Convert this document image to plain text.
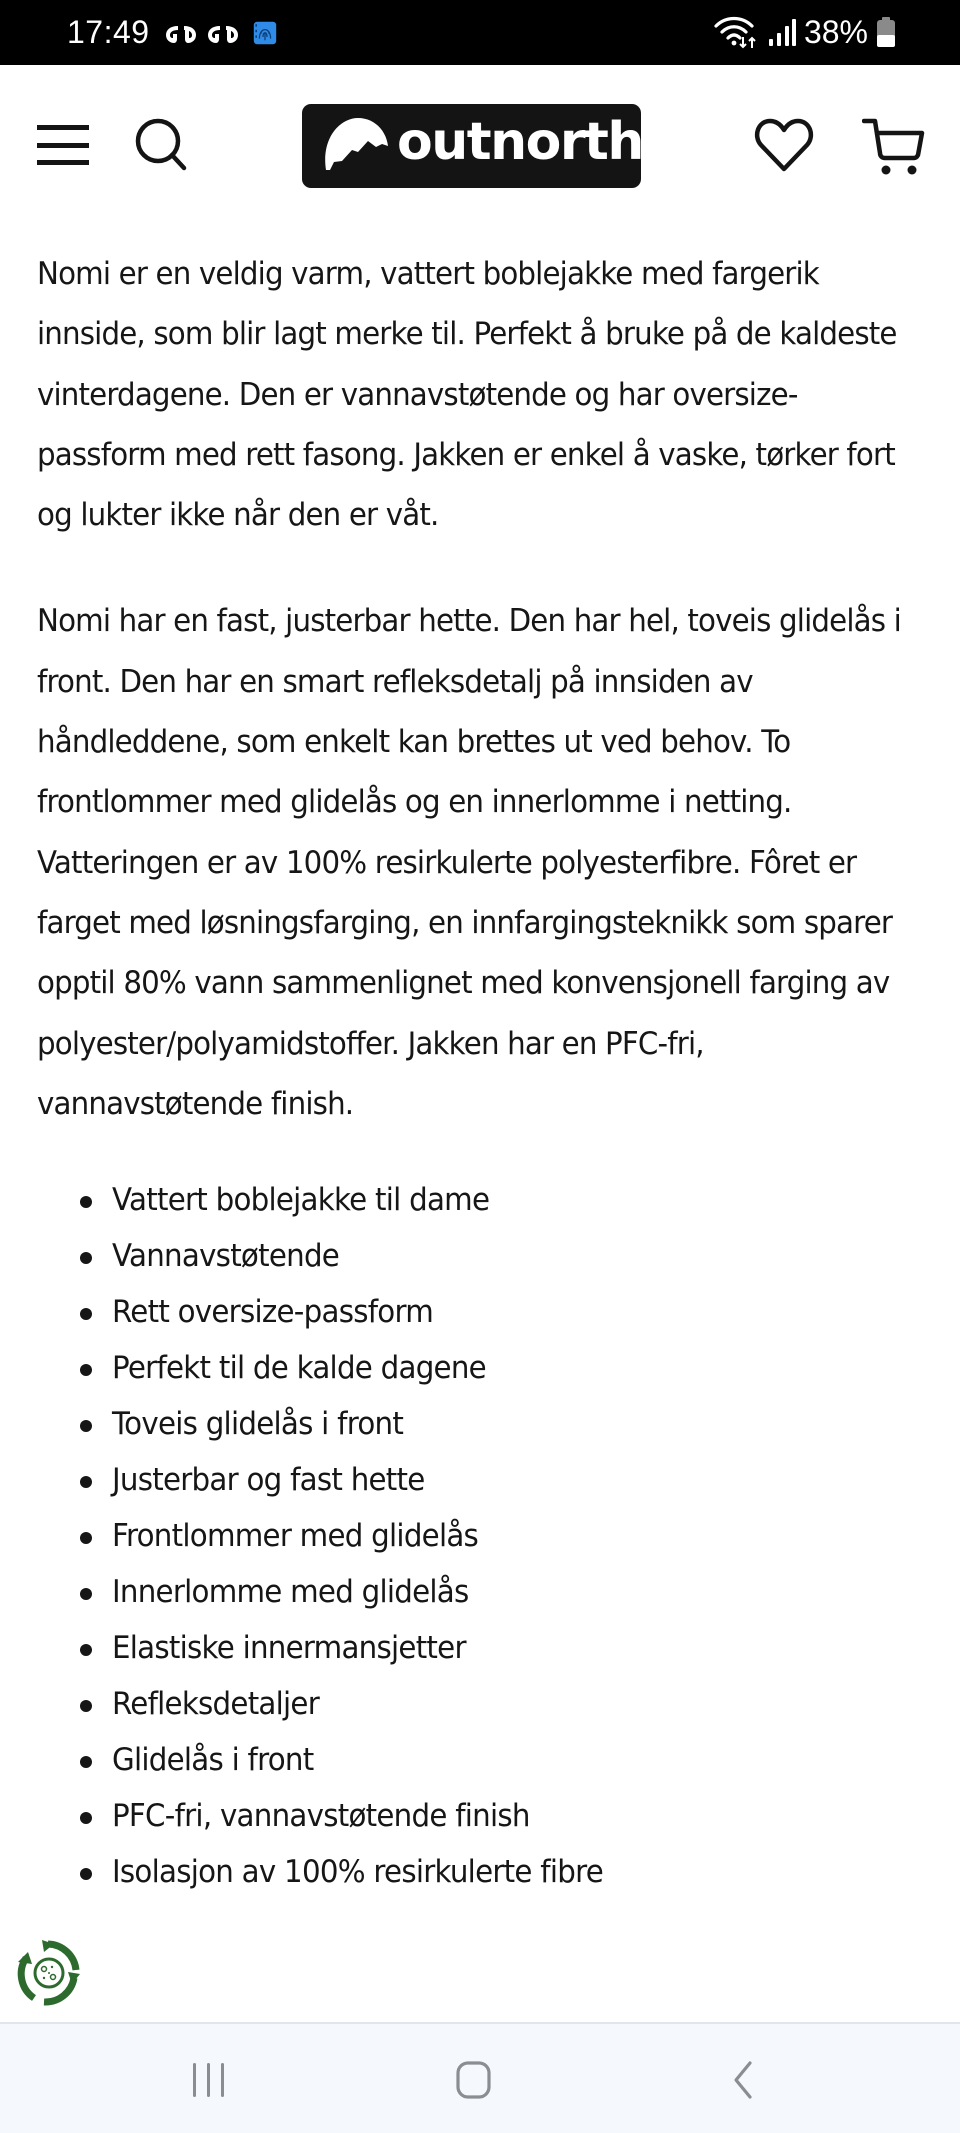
17:49	38%
outnorth

Nomi er en veldig varm, vattert boblejakke med fargerik innside, som blir lagt merke til. Perfekt å bruke på de kaldeste vinterdagene. Den er vannavstøtende og har oversize-passform med rett fasong. Jakken er enkel å vaske, tørker fort og lukter ikke når den er våt.

Nomi har en fast, justerbar hette. Den har hel, toveis glidelås i front. Den har en smart refleksdetalj på innsiden av håndleddene, som enkelt kan brettes ut ved behov. To frontlommer med glidelås og en innerlomme i netting. Vatteringen er av 100% resirkulerte polyesterfibre. Fôret er farget med løsningsfarging, en innfargingsteknikk som sparer opptil 80% vann sammenlignet med konvensjonell farging av polyester/polyamidstoffer. Jakken har en PFC-fri, vannavstøtende finish.

Vattert boblejakke til dame
Vannavstøtende
Rett oversize-passform
Perfekt til de kalde dagene
Toveis glidelås i front
Justerbar og fast hette
Frontlommer med glidelås
Innerlomme med glidelås
Elastiske innermansjetter
Refleksdetaljer
Glidelås i front
PFC-fri, vannavstøtende finish
Isolasjon av 100% resirkulerte fibre
